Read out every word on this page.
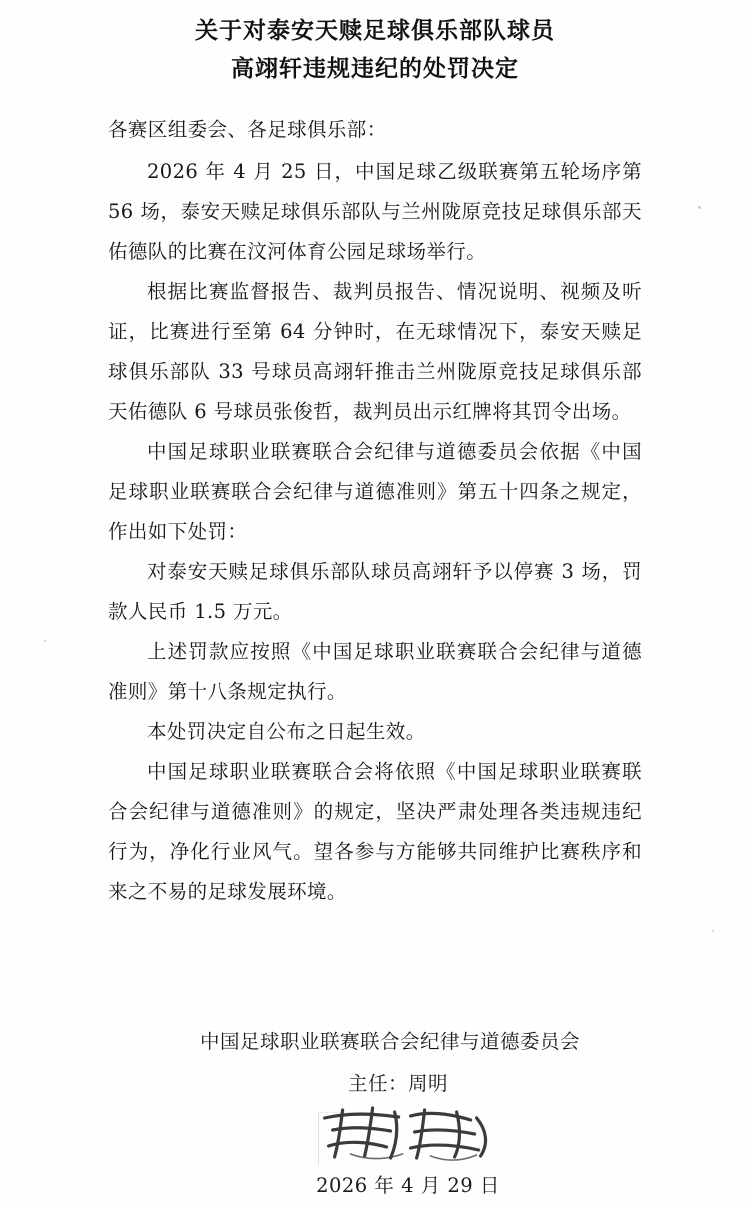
关于对泰安天赎足球俱乐部队球员
高翊轩违规违纪的处罚决定

各赛区组委会、各足球俱乐部：

2026 年 4 月 25 日，中国足球乙级联赛第五轮场序第 56 场，泰安天赎足球俱乐部队与兰州陇原竞技足球俱乐部天佑德队的比赛在汶河体育公园足球场举行。

根据比赛监督报告、裁判员报告、情况说明、视频及听证，比赛进行至第 64 分钟时，在无球情况下，泰安天赎足球俱乐部队 33 号球员高翊轩推击兰州陇原竞技足球俱乐部天佑德队 6 号球员张俊哲，裁判员出示红牌将其罚令出场。

中国足球职业联赛联合会纪律与道德委员会依据《中国足球职业联赛联合会纪律与道德准则》第五十四条之规定，作出如下处罚：

对泰安天赎足球俱乐部队球员高翊轩予以停赛 3 场，罚款人民币 1.5 万元。

上述罚款应按照《中国足球职业联赛联合会纪律与道德准则》第十八条规定执行。

本处罚决定自公布之日起生效。

中国足球职业联赛联合会将依照《中国足球职业联赛联合会纪律与道德准则》的规定，坚决严肃处理各类违规违纪行为，净化行业风气。望各参与方能够共同维护比赛秩序和来之不易的足球发展环境。

中国足球职业联赛联合会纪律与道德委员会
主任：周明
2026 年 4 月 29 日
